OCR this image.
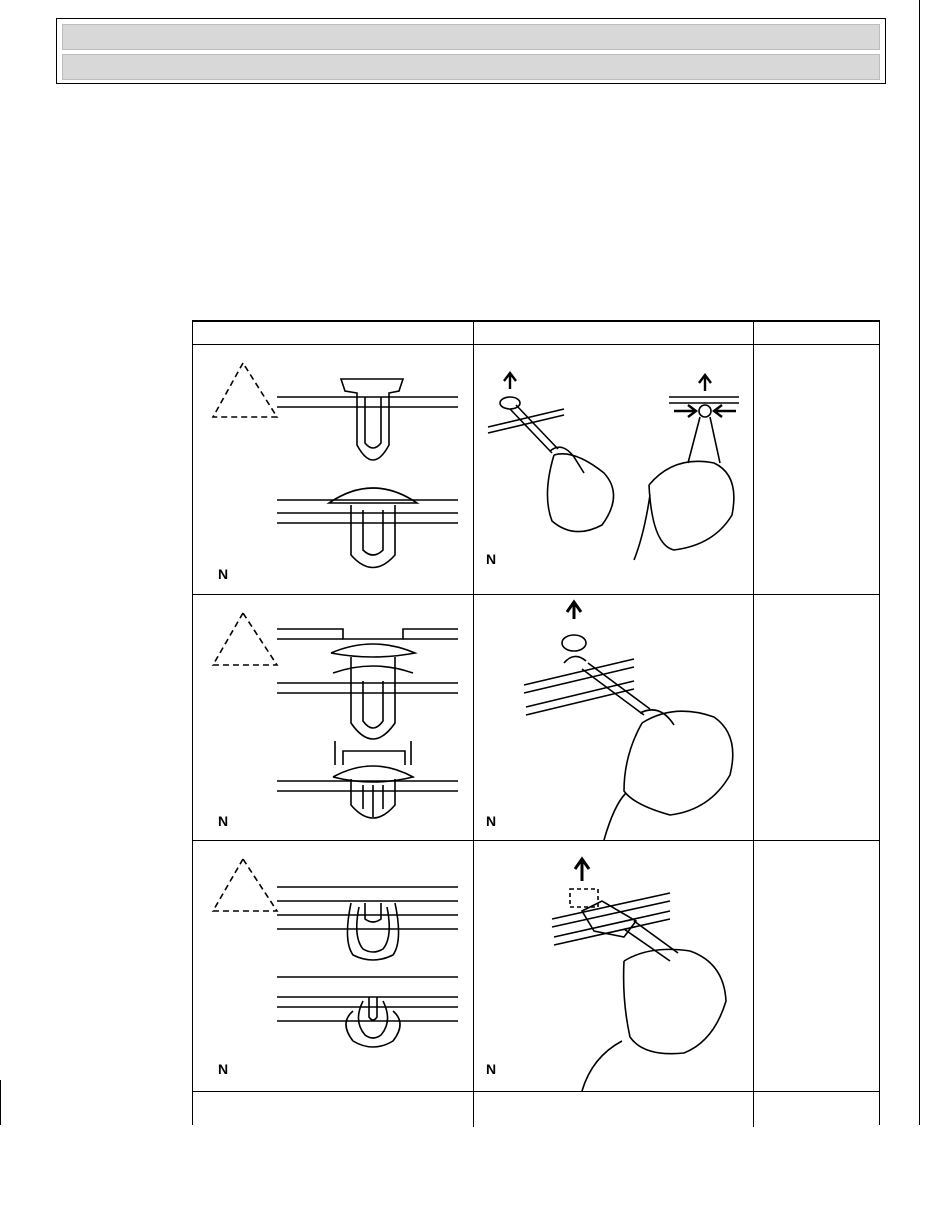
N
N
N	N
N	N
